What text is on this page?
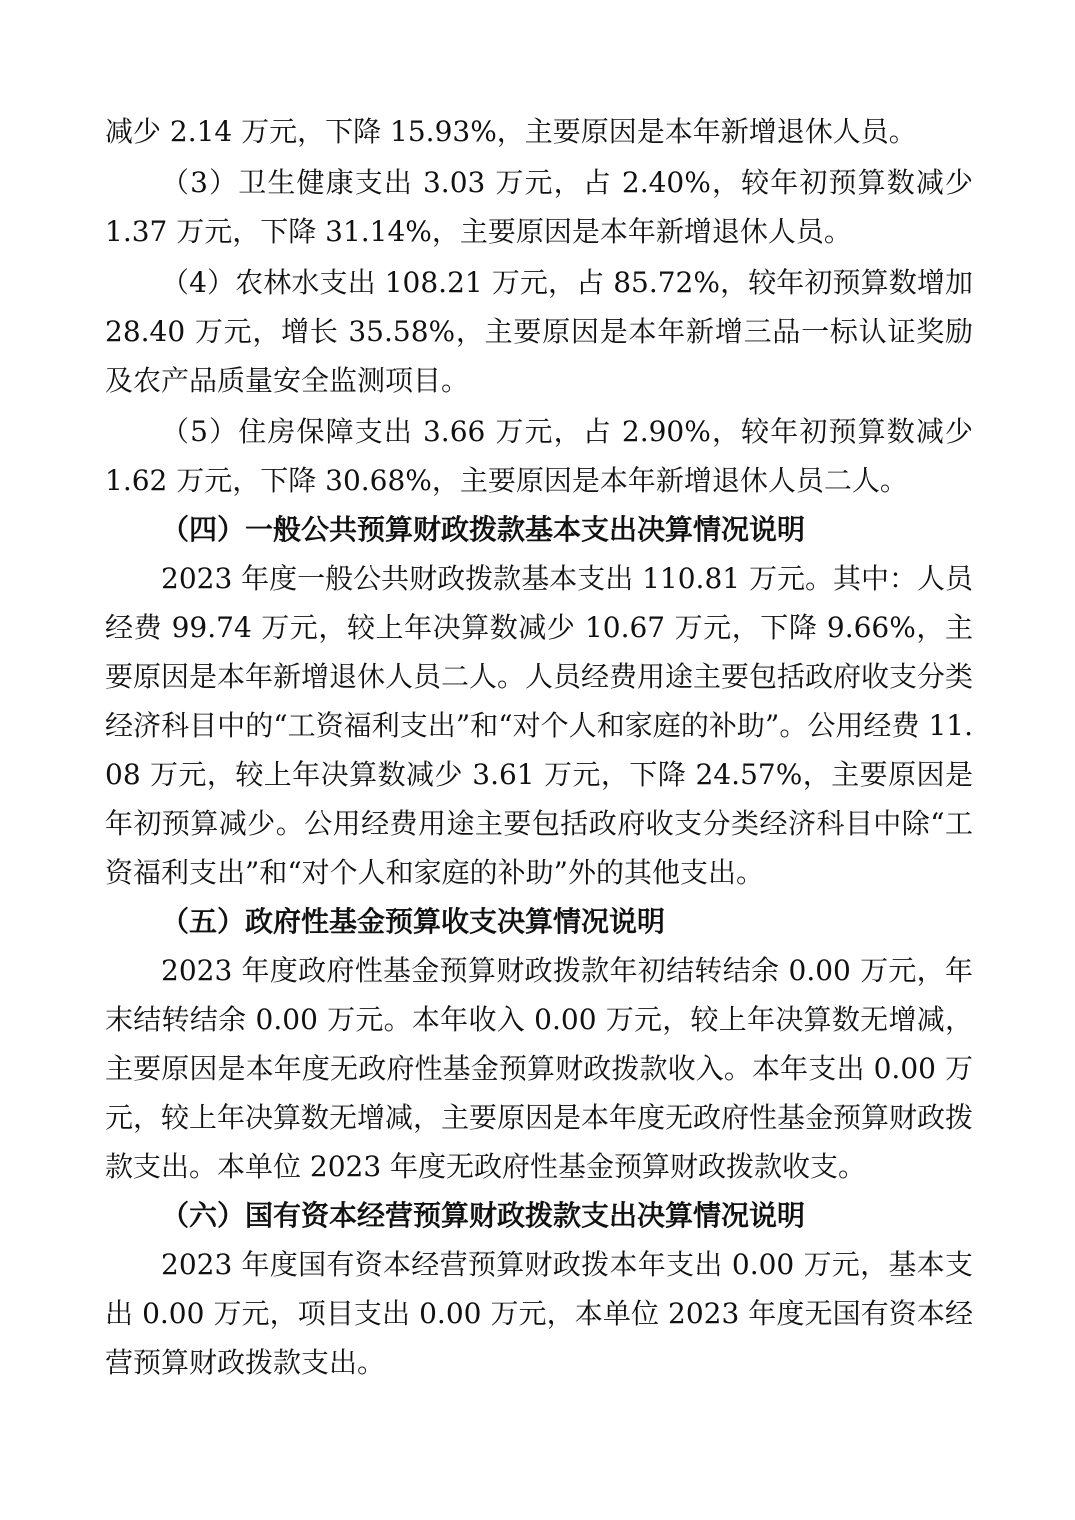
减少 2.14 万元，下降 15.93%，主要原因是本年新增退休人员。

（3）卫生健康支出 3.03 万元，占 2.40%，较年初预算数减少 1.37 万元，下降 31.14%，主要原因是本年新增退休人员。

（4）农林水支出 108.21 万元，占 85.72%，较年初预算数增加 28.40 万元，增长 35.58%，主要原因是本年新增三品一标认证奖励及农产品质量安全监测项目。

（5）住房保障支出 3.66 万元，占 2.90%，较年初预算数减少 1.62 万元，下降 30.68%，主要原因是本年新增退休人员二人。

（四）一般公共预算财政拨款基本支出决算情况说明

2023 年度一般公共财政拨款基本支出 110.81 万元。其中：人员经费 99.74 万元，较上年决算数减少 10.67 万元，下降 9.66%，主要原因是本年新增退休人员二人。人员经费用途主要包括政府收支分类经济科目中的“工资福利支出”和“对个人和家庭的补助”。公用经费 11.08 万元，较上年决算数减少 3.61 万元，下降 24.57%，主要原因是年初预算减少。公用经费用途主要包括政府收支分类经济科目中除“工资福利支出”和“对个人和家庭的补助”外的其他支出。

（五）政府性基金预算收支决算情况说明

2023 年度政府性基金预算财政拨款年初结转结余 0.00 万元，年末结转结余 0.00 万元。本年收入 0.00 万元，较上年决算数无增减，主要原因是本年度无政府性基金预算财政拨款收入。本年支出 0.00 万元，较上年决算数无增减，主要原因是本年度无政府性基金预算财政拨款支出。本单位 2023 年度无政府性基金预算财政拨款收支。

（六）国有资本经营预算财政拨款支出决算情况说明

2023 年度国有资本经营预算财政拨本年支出 0.00 万元，基本支出 0.00 万元，项目支出 0.00 万元，本单位 2023 年度无国有资本经营预算财政拨款支出。
